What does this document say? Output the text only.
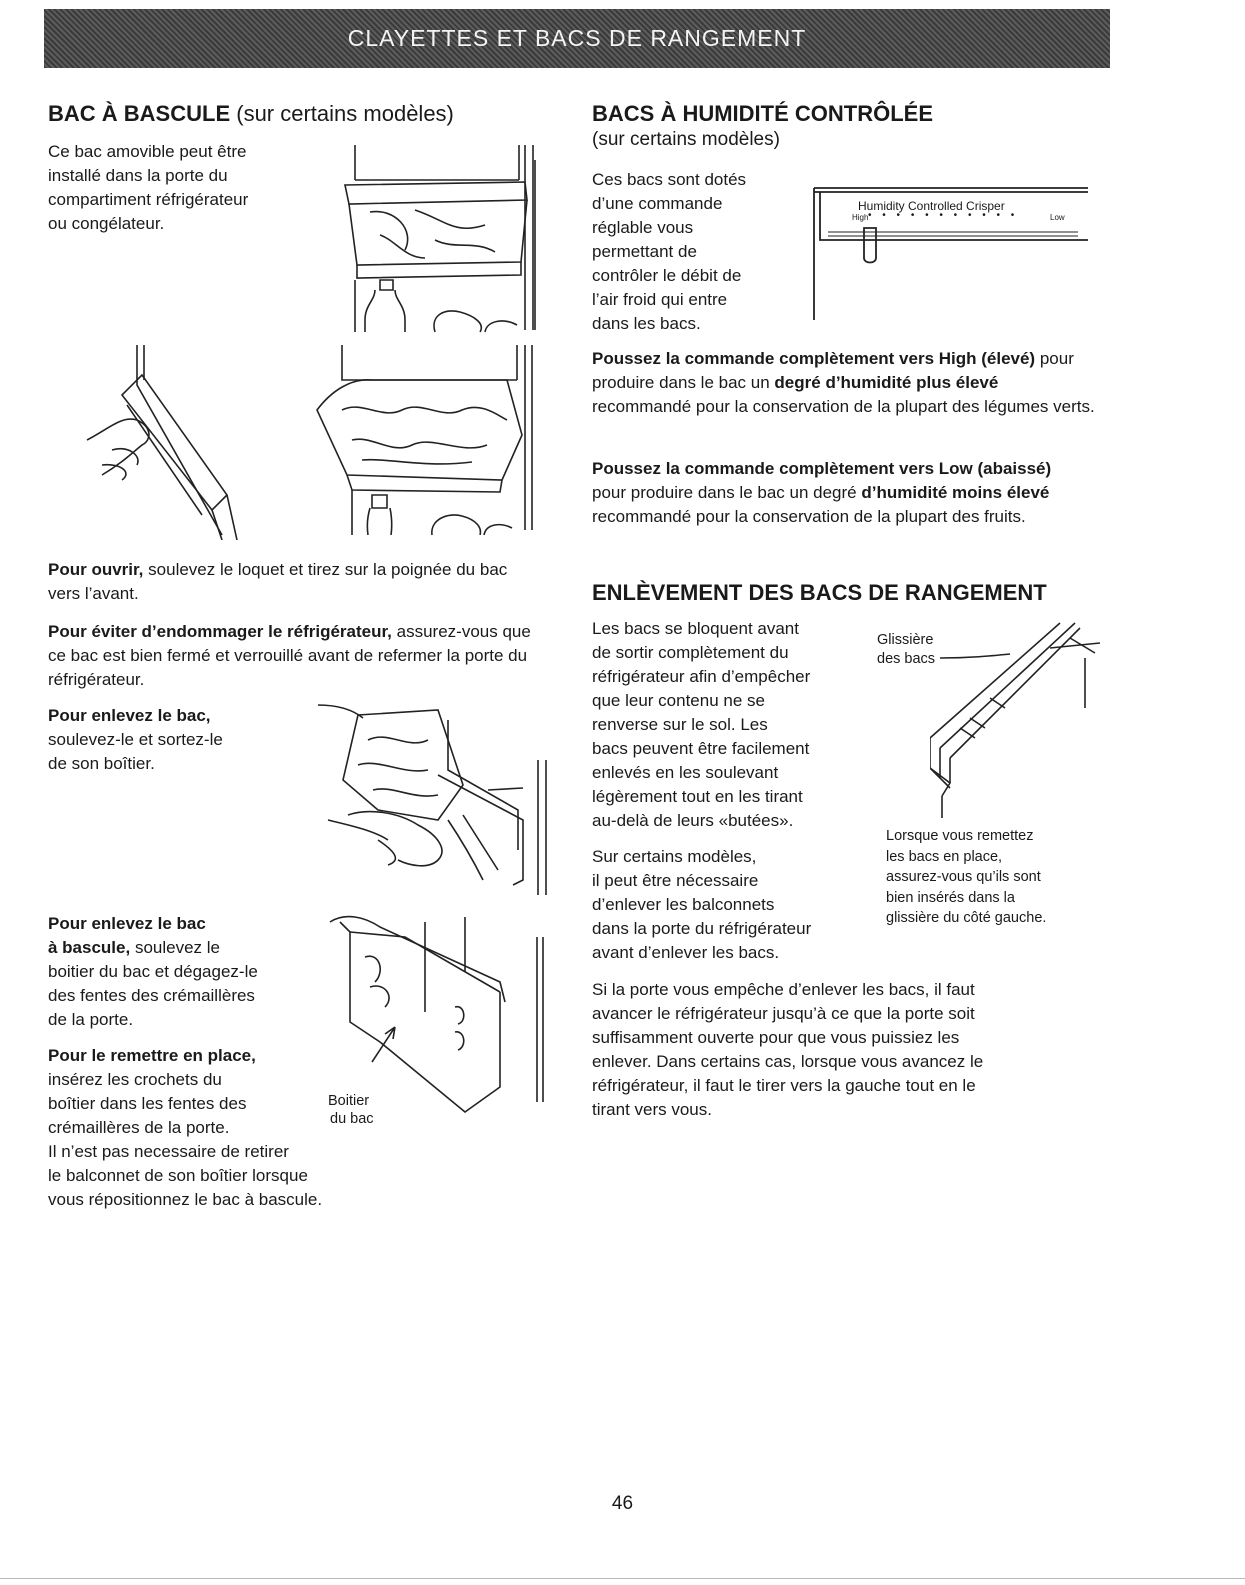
CLAYETTES ET BACS DE RANGEMENT
BAC À BASCULE (sur certains modèles)
Ce bac amovible peut être
installé dans la porte du
compartiment réfrigérateur
ou congélateur.
Pour ouvrir, soulevez le loquet et tirez sur la poignée du bac vers l’avant.
Pour éviter d’endommager le réfrigérateur, assurez-vous que ce bac est bien fermé et verrouillé avant de refermer la porte du réfrigérateur.
Pour enlevez le bac,
soulevez-le et sortez-le
de son boîtier.
Pour enlevez le bac
à bascule, soulevez le
boitier du bac et dégagez-le
des fentes des crémaillères
de la porte.
Pour le remettre en place,
insérez les crochets du
boîtier dans les fentes des
crémaillères de la porte.
Il n’est pas necessaire de retirer
le balconnet de son boîtier lorsque
vous répositionnez le bac à bascule.
Boitier
du bac
BACS À HUMIDITÉ CONTRÔLÉE
(sur certains modèles)
Ces bacs sont dotés
d’une commande
réglable vous
permettant de
contrôler le débit de
l’air froid qui entre
dans les bacs.
Humidity Controlled Crisper
High • • • • • • • • • • •	Low
Poussez la commande complètement vers High (élevé) pour produire dans le bac un degré d’humidité plus élevé recommandé pour la conservation de la plupart des légumes verts.
Poussez la commande complètement vers Low (abaissé) pour produire dans le bac un degré d’humidité moins élevé recommandé pour la conservation de la plupart des fruits.
ENLÈVEMENT DES BACS DE RANGEMENT
Les bacs se bloquent avant
de sortir complètement du
réfrigérateur afin d’empêcher
que leur contenu ne se
renverse sur le sol. Les
bacs peuvent être facilement
enlevés en les soulevant
légèrement tout en les tirant
au-delà de leurs «butées».
Sur certains modèles,
il peut être nécessaire
d’enlever les balconnets
dans la porte du réfrigérateur
avant d’enlever les bacs.
Glissière
des bacs
Lorsque vous remettez
les bacs en place,
assurez-vous qu’ils sont
bien insérés dans la
glissière du côté gauche.
Si la porte vous empêche d’enlever les bacs, il faut
avancer le réfrigérateur jusqu’à ce que la porte soit
suffisamment ouverte pour que vous puissiez les
enlever. Dans certains cas, lorsque vous avancez le
réfrigérateur, il faut le tirer vers la gauche tout en le
tirant vers vous.
46
